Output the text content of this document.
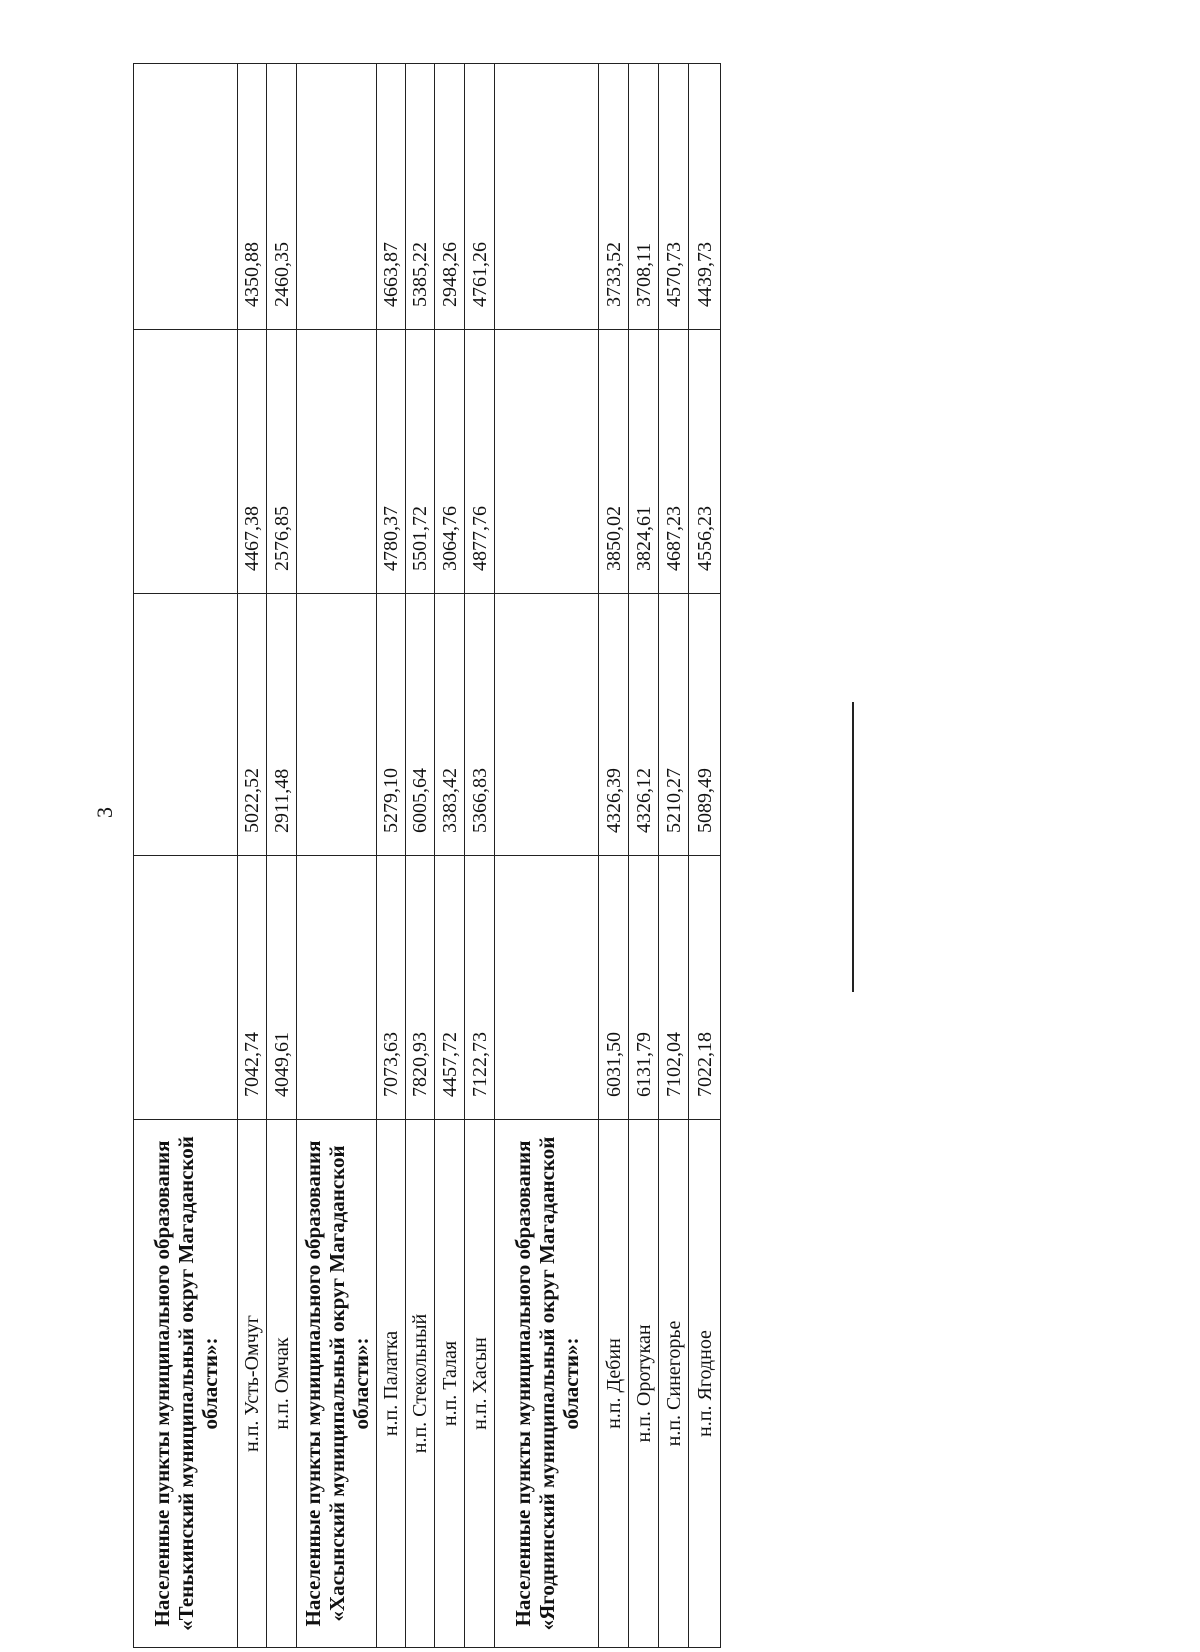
3
Населенные пункты муниципального образования «Тенькинский муниципальный округ Магаданской области»:				
н.п. Усть-Омчуг	7042,74	5022,52	4467,38	4350,88
н.п. Омчак	4049,61	2911,48	2576,85	2460,35
Населенные пункты муниципального образования «Хасынский муниципальный округ Магаданской области»:				
н.п. Палатка	7073,63	5279,10	4780,37	4663,87
н.п. Стекольный	7820,93	6005,64	5501,72	5385,22
н.п. Талая	4457,72	3383,42	3064,76	2948,26
н.п. Хасын	7122,73	5366,83	4877,76	4761,26
Населенные пункты муниципального образования «Ягоднинский муниципальный округ Магаданской области»:				
н.п. Дебин	6031,50	4326,39	3850,02	3733,52
н.п. Оротукан	6131,79	4326,12	3824,61	3708,11
н.п. Синегорье	7102,04	5210,27	4687,23	4570,73
н.п. Ягодное	7022,18	5089,49	4556,23	4439,73
